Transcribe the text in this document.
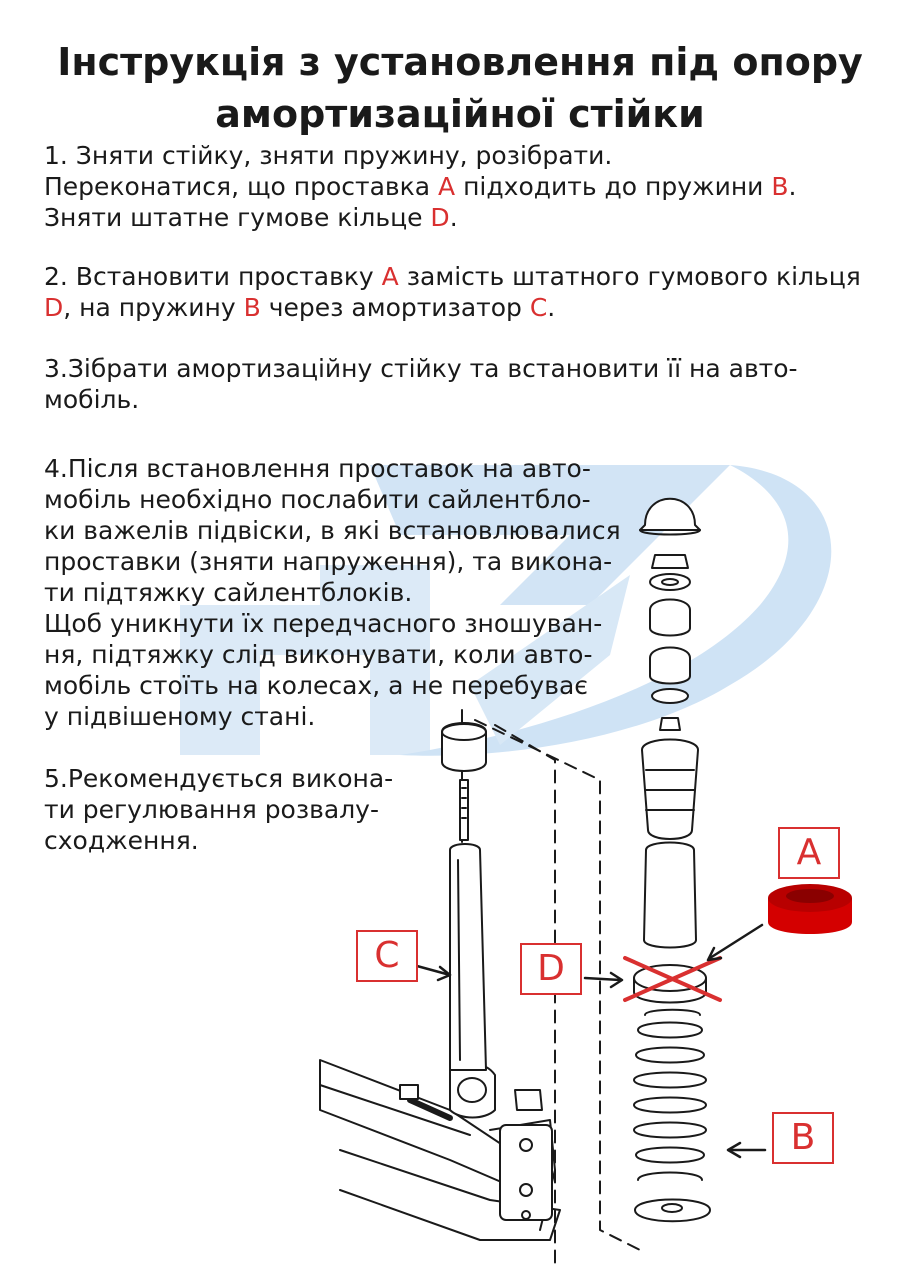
Інструкція з установлення під опору
амортизаційної стійки

1. Зняти стійку, зняти пружину, розібрати.
Переконатися, що проставка А підходить до пружини В.
Зняти штатне гумове кільце D.

2. Встановити проставку А замість штатного гумового кільця
D, на пружину В через амортизатор С.

3.Зібрати амортизаційну стійку та встановити її на авто-
мобіль.

4.Після встановлення проставок на авто-
мобіль необхідно послабити сайлентбло-
ки важелів підвіски, в які встановлювалися
проставки (зняти напруження), та викона-
ти підтяжку сайлентблоків.
Щоб уникнути їх передчасного зношуван-
ня, підтяжку слід виконувати, коли авто-
мобіль стоїть на колесах, а не перебуває
у підвішеному стані.

5.Рекомендується викона-
ти регулювання розвалу-
сходження.	A
C	D
B
